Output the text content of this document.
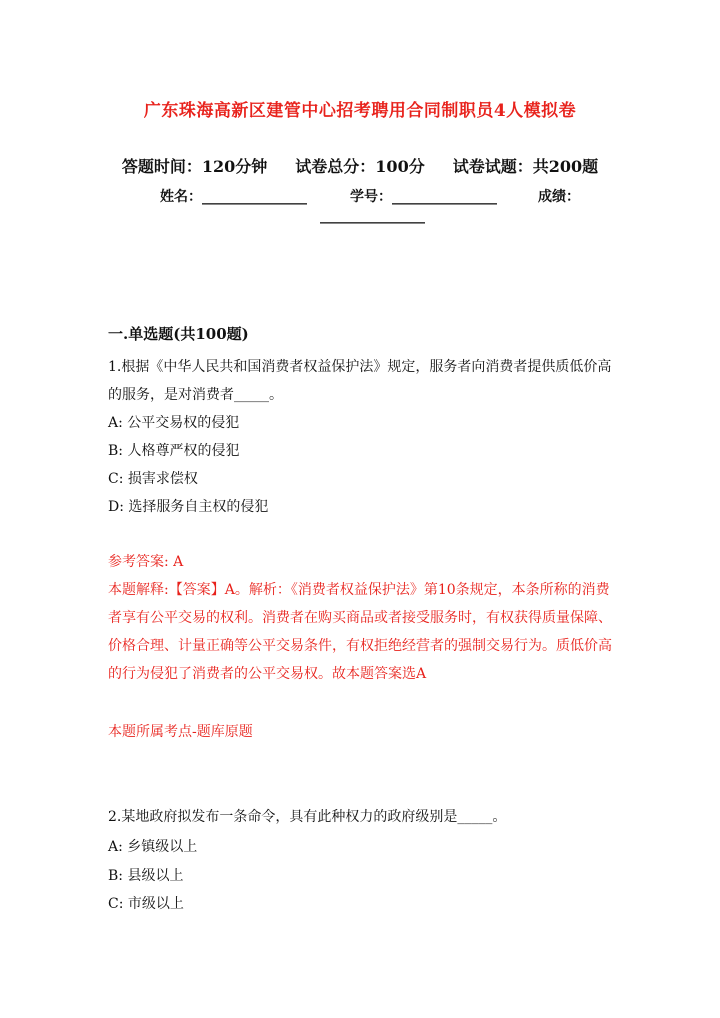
广东珠海高新区建管中心招考聘用合同制职员4人模拟卷
答题时间：120分钟 试卷总分：100分 试卷试题：共200题

姓名：_______________

	学号：_______________

	成绩：

_______________

一.单选题(共100题)
1.根据《中华人民共和国消费者权益保护法》规定，服务者向消费者提供质低价高的服务，是对消费者_____。
A: 公平交易权的侵犯
B: 人格尊严权的侵犯
C: 损害求偿权
D: 选择服务自主权的侵犯
参考答案: A
本题解释:【答案】A。解析：《消费者权益保护法》第10条规定，本条所称的消费者享有公平交易的权利。消费者在购买商品或者接受服务时，有权获得质量保障、价格合理、计量正确等公平交易条件，有权拒绝经营者的强制交易行为。质低价高的行为侵犯了消费者的公平交易权。故本题答案选A
本题所属考点-题库原题
2.某地政府拟发布一条命令，具有此种权力的政府级别是_____。
A: 乡镇级以上
B: 县级以上
C: 市级以上
